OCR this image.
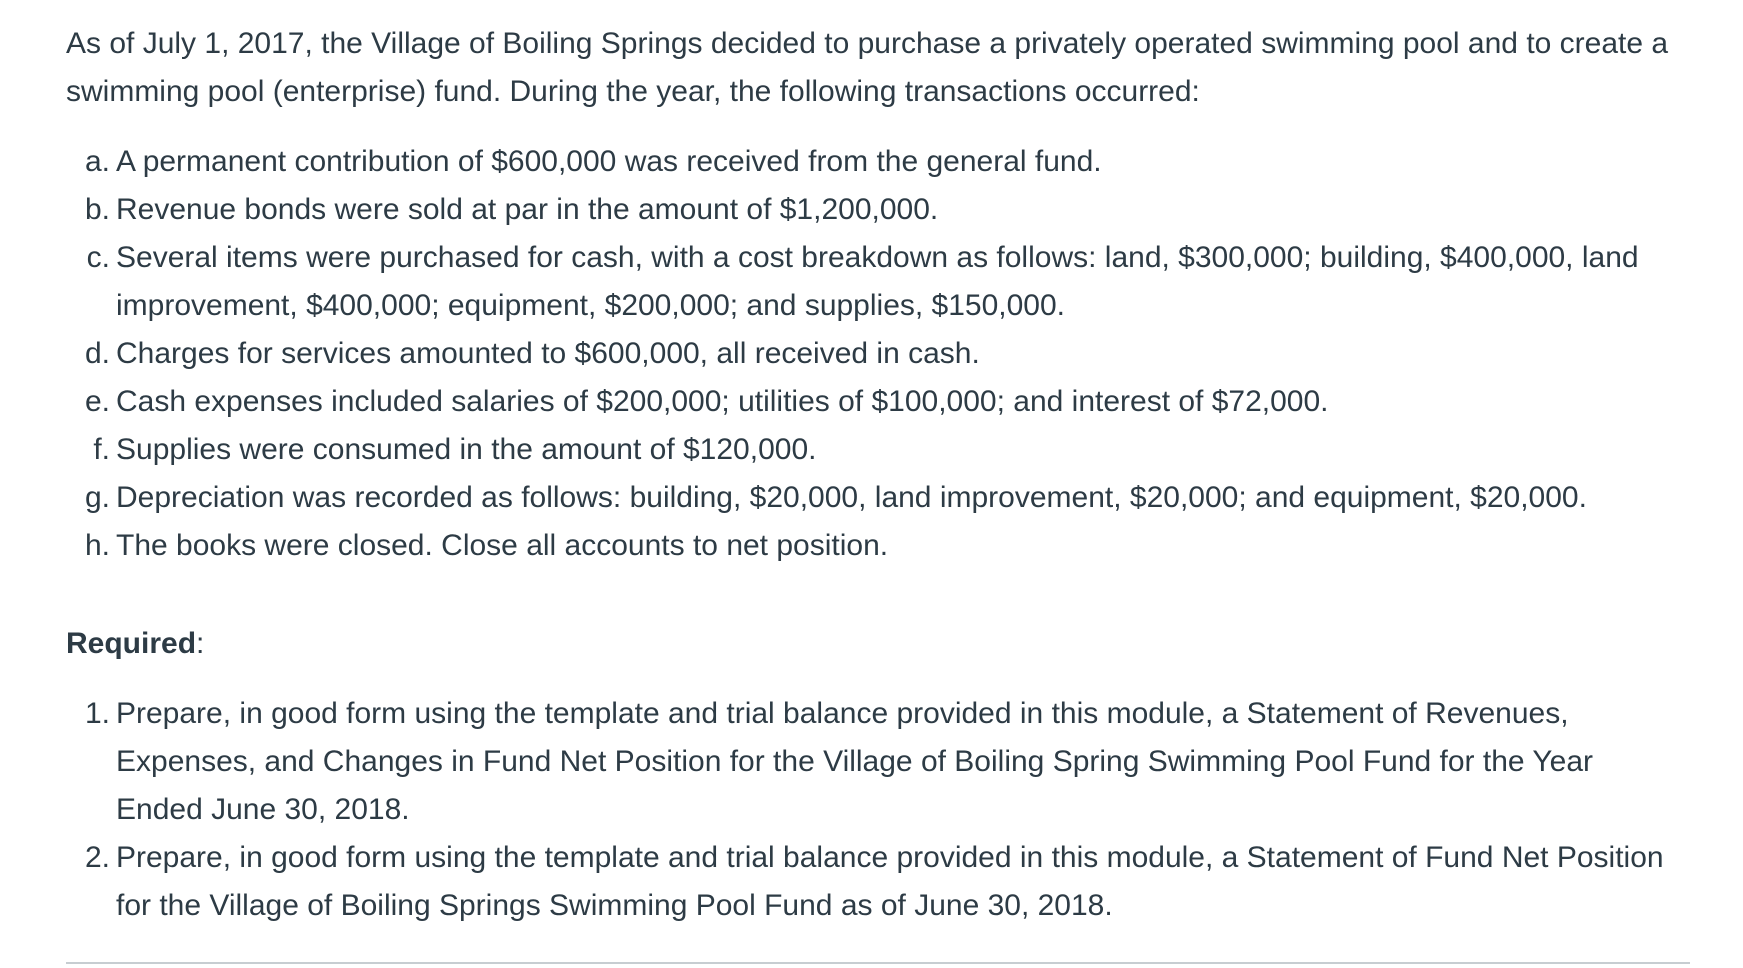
As of July 1, 2017, the Village of Boiling Springs decided to purchase a privately operated swimming pool and to create a swimming pool (enterprise) fund. During the year, the following transactions occurred:

a. A permanent contribution of $600,000 was received from the general fund.
b. Revenue bonds were sold at par in the amount of $1,200,000.
c. Several items were purchased for cash, with a cost breakdown as follows: land, $300,000; building, $400,000, land improvement, $400,000; equipment, $200,000; and supplies, $150,000.
d. Charges for services amounted to $600,000, all received in cash.
e. Cash expenses included salaries of $200,000; utilities of $100,000; and interest of $72,000.
f. Supplies were consumed in the amount of $120,000.
g. Depreciation was recorded as follows: building, $20,000, land improvement, $20,000; and equipment, $20,000.
h. The books were closed. Close all accounts to net position.

Required:

1. Prepare, in good form using the template and trial balance provided in this module, a Statement of Revenues, Expenses, and Changes in Fund Net Position for the Village of Boiling Spring Swimming Pool Fund for the Year Ended June 30, 2018.
2. Prepare, in good form using the template and trial balance provided in this module, a Statement of Fund Net Position for the Village of Boiling Springs Swimming Pool Fund as of June 30, 2018.
